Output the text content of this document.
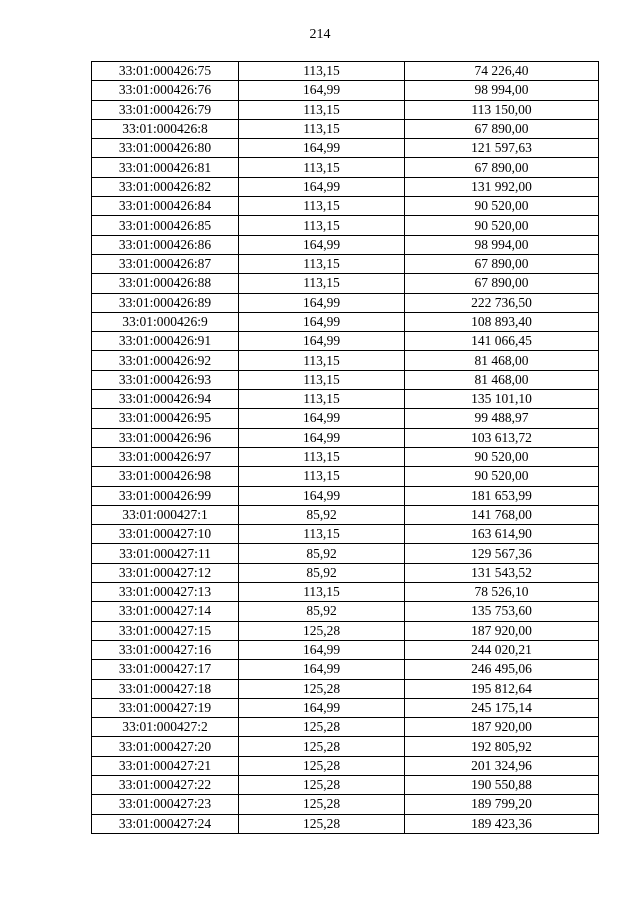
214
33:01:000426:75	113,15	74 226,40
33:01:000426:76	164,99	98 994,00
33:01:000426:79	113,15	113 150,00
33:01:000426:8	113,15	67 890,00
33:01:000426:80	164,99	121 597,63
33:01:000426:81	113,15	67 890,00
33:01:000426:82	164,99	131 992,00
33:01:000426:84	113,15	90 520,00
33:01:000426:85	113,15	90 520,00
33:01:000426:86	164,99	98 994,00
33:01:000426:87	113,15	67 890,00
33:01:000426:88	113,15	67 890,00
33:01:000426:89	164,99	222 736,50
33:01:000426:9	164,99	108 893,40
33:01:000426:91	164,99	141 066,45
33:01:000426:92	113,15	81 468,00
33:01:000426:93	113,15	81 468,00
33:01:000426:94	113,15	135 101,10
33:01:000426:95	164,99	99 488,97
33:01:000426:96	164,99	103 613,72
33:01:000426:97	113,15	90 520,00
33:01:000426:98	113,15	90 520,00
33:01:000426:99	164,99	181 653,99
33:01:000427:1	85,92	141 768,00
33:01:000427:10	113,15	163 614,90
33:01:000427:11	85,92	129 567,36
33:01:000427:12	85,92	131 543,52
33:01:000427:13	113,15	78 526,10
33:01:000427:14	85,92	135 753,60
33:01:000427:15	125,28	187 920,00
33:01:000427:16	164,99	244 020,21
33:01:000427:17	164,99	246 495,06
33:01:000427:18	125,28	195 812,64
33:01:000427:19	164,99	245 175,14
33:01:000427:2	125,28	187 920,00
33:01:000427:20	125,28	192 805,92
33:01:000427:21	125,28	201 324,96
33:01:000427:22	125,28	190 550,88
33:01:000427:23	125,28	189 799,20
33:01:000427:24	125,28	189 423,36
